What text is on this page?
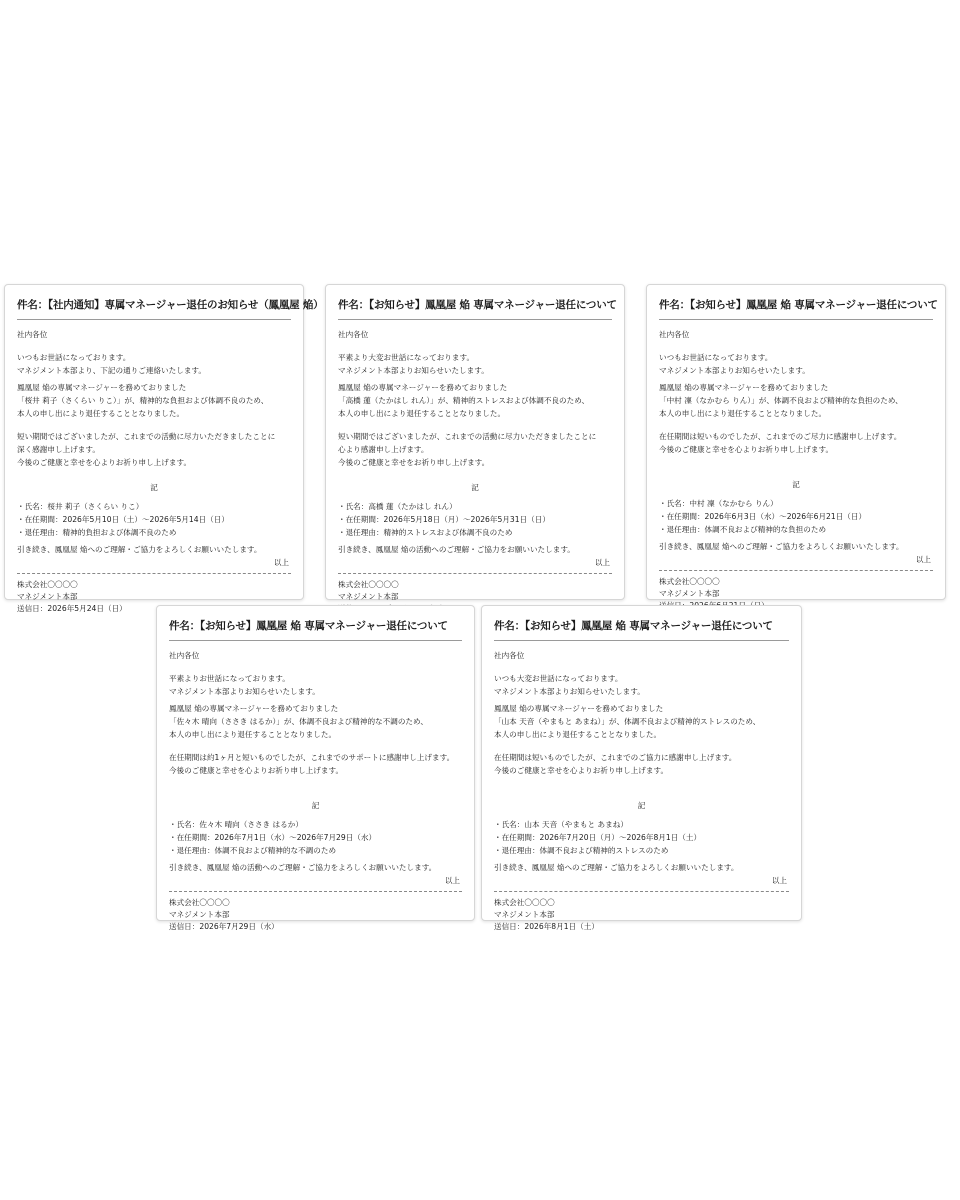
件名：【社内通知】専属マネージャー退任のお知らせ（鳳凰屋 焔）
社内各位
いつもお世話になっております。
マネジメント本部より、下記の通りご連絡いたします。
鳳凰屋 焔の専属マネージャーを務めておりました
「桜井 莉子（さくらい りこ）」が、精神的な負担および体調不良のため、
本人の申し出により退任することとなりました。
短い期間ではございましたが、これまでの活動に尽力いただきましたことに
深く感謝申し上げます。
今後のご健康と幸せを心よりお祈り申し上げます。
記
・氏名：桜井 莉子（さくらい りこ）
・在任期間：2026年5月10日（土）〜2026年5月14日（日）
・退任理由：精神的負担および体調不良のため
引き続き、鳳凰屋 焔へのご理解・ご協力をよろしくお願いいたします。
以上
株式会社〇〇〇〇
マネジメント本部
送信日：2026年5月24日（日）
件名：【お知らせ】鳳凰屋 焔 専属マネージャー退任について
社内各位
平素より大変お世話になっております。
マネジメント本部よりお知らせいたします。
鳳凰屋 焔の専属マネージャーを務めておりました
「高橋 蓮（たかはし れん）」が、精神的ストレスおよび体調不良のため、
本人の申し出により退任することとなりました。
短い期間ではございましたが、これまでの活動に尽力いただきましたことに
心より感謝申し上げます。
今後のご健康と幸せをお祈り申し上げます。
記
・氏名：高橋 蓮（たかはし れん）
・在任期間：2026年5月18日（月）〜2026年5月31日（日）
・退任理由：精神的ストレスおよび体調不良のため
引き続き、鳳凰屋 焔の活動へのご理解・ご協力をお願いいたします。
以上
株式会社〇〇〇〇
マネジメント本部
件名：【お知らせ】鳳凰屋 焔 専属マネージャー退任について
社内各位
いつもお世話になっております。
マネジメント本部よりお知らせいたします。
鳳凰屋 焔の専属マネージャーを務めておりました
「中村 凜（なかむら りん）」が、体調不良および精神的な負担のため、
本人の申し出により退任することとなりました。
在任期間は短いものでしたが、これまでのご尽力に感謝申し上げます。
今後のご健康と幸せを心よりお祈り申し上げます。
記
・氏名：中村 凜（なかむら りん）
・在任期間：2026年6月3日（水）〜2026年6月21日（日）
・退任理由：体調不良および精神的な負担のため
引き続き、鳳凰屋 焔へのご理解・ご協力をよろしくお願いいたします。
以上
株式会社〇〇〇〇
マネジメント本部
件名：【お知らせ】鳳凰屋 焔 専属マネージャー退任について
社内各位
平素よりお世話になっております。
マネジメント本部よりお知らせいたします。
鳳凰屋 焔の専属マネージャーを務めておりました
「佐々木 晴向（ささき はるか）」が、体調不良および精神的な不調のため、
本人の申し出により退任することとなりました。
在任期間は約1ヶ月と短いものでしたが、これまでのサポートに感謝申し上げます。
今後のご健康と幸せを心よりお祈り申し上げます。
記
・氏名：佐々木 晴向（ささき はるか）
・在任期間：2026年7月1日（水）〜2026年7月29日（水）
・退任理由：体調不良および精神的な不調のため
引き続き、鳳凰屋 焔の活動へのご理解・ご協力をよろしくお願いいたします。
以上
株式会社〇〇〇〇
マネジメント本部
送信日：2026年7月29日（水）
件名：【お知らせ】鳳凰屋 焔 専属マネージャー退任について
社内各位
いつも大変お世話になっております。
マネジメント本部よりお知らせいたします。
鳳凰屋 焔の専属マネージャーを務めておりました
「山本 天音（やまもと あまね）」が、体調不良および精神的ストレスのため、
本人の申し出により退任することとなりました。
在任期間は短いものでしたが、これまでのご協力に感謝申し上げます。
今後のご健康と幸せを心よりお祈り申し上げます。
記
・氏名：山本 天音（やまもと あまね）
・在任期間：2026年7月20日（月）〜2026年8月1日（土）
・退任理由：体調不良および精神的ストレスのため
引き続き、鳳凰屋 焔へのご理解・ご協力をよろしくお願いいたします。
以上
株式会社〇〇〇〇
マネジメント本部
送信日：2026年8月1日（土）
